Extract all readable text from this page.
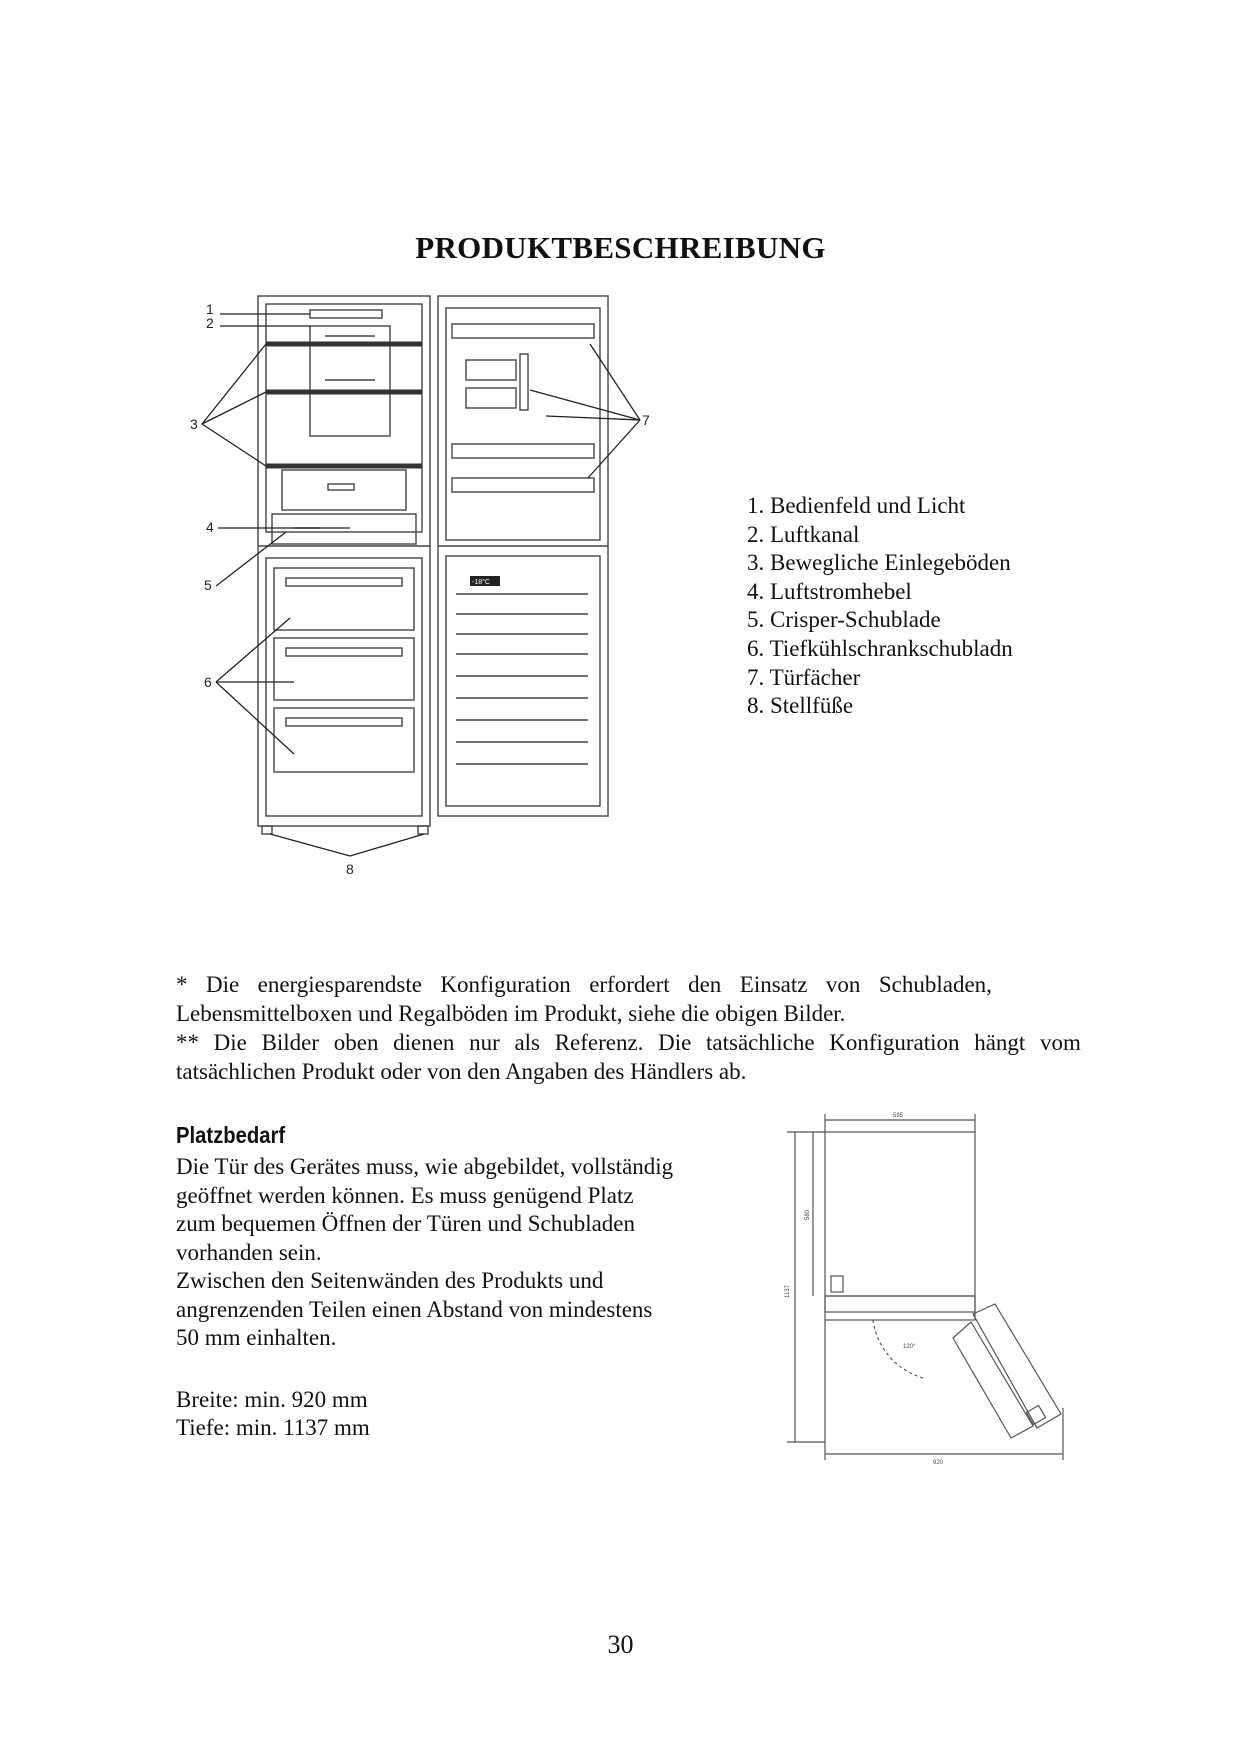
PRODUKTBESCHREIBUNG
1
2
3
4
5
6
7
8
-18°C
1. Bedienfeld und Licht
2. Luftkanal
3. Bewegliche Einlegeböden
4. Luftstromhebel
5. Crisper-Schublade
6. Tiefkühlschrankschubladn
7. Türfächer
8. Stellfüße
* Die energiesparendste Konfiguration erfordert den Einsatz von Schubladen,
Lebensmittelboxen und Regalböden im Produkt, siehe die obigen Bilder.
** Die Bilder oben dienen nur als Referenz. Die tatsächliche Konfiguration hängt vom
tatsächlichen Produkt oder von den Angaben des Händlers ab.
Platzbedarf
Die Tür des Gerätes muss, wie abgebildet, vollständig
geöffnet werden können. Es muss genügend Platz
zum bequemen Öffnen der Türen und Schubladen
vorhanden sein.
Zwischen den Seitenwänden des Produkts und
angrenzenden Teilen einen Abstand von mindestens
50 mm einhalten.
Breite: min. 920 mm
Tiefe: min. 1137 mm
595
1137
580
120°
920
30
